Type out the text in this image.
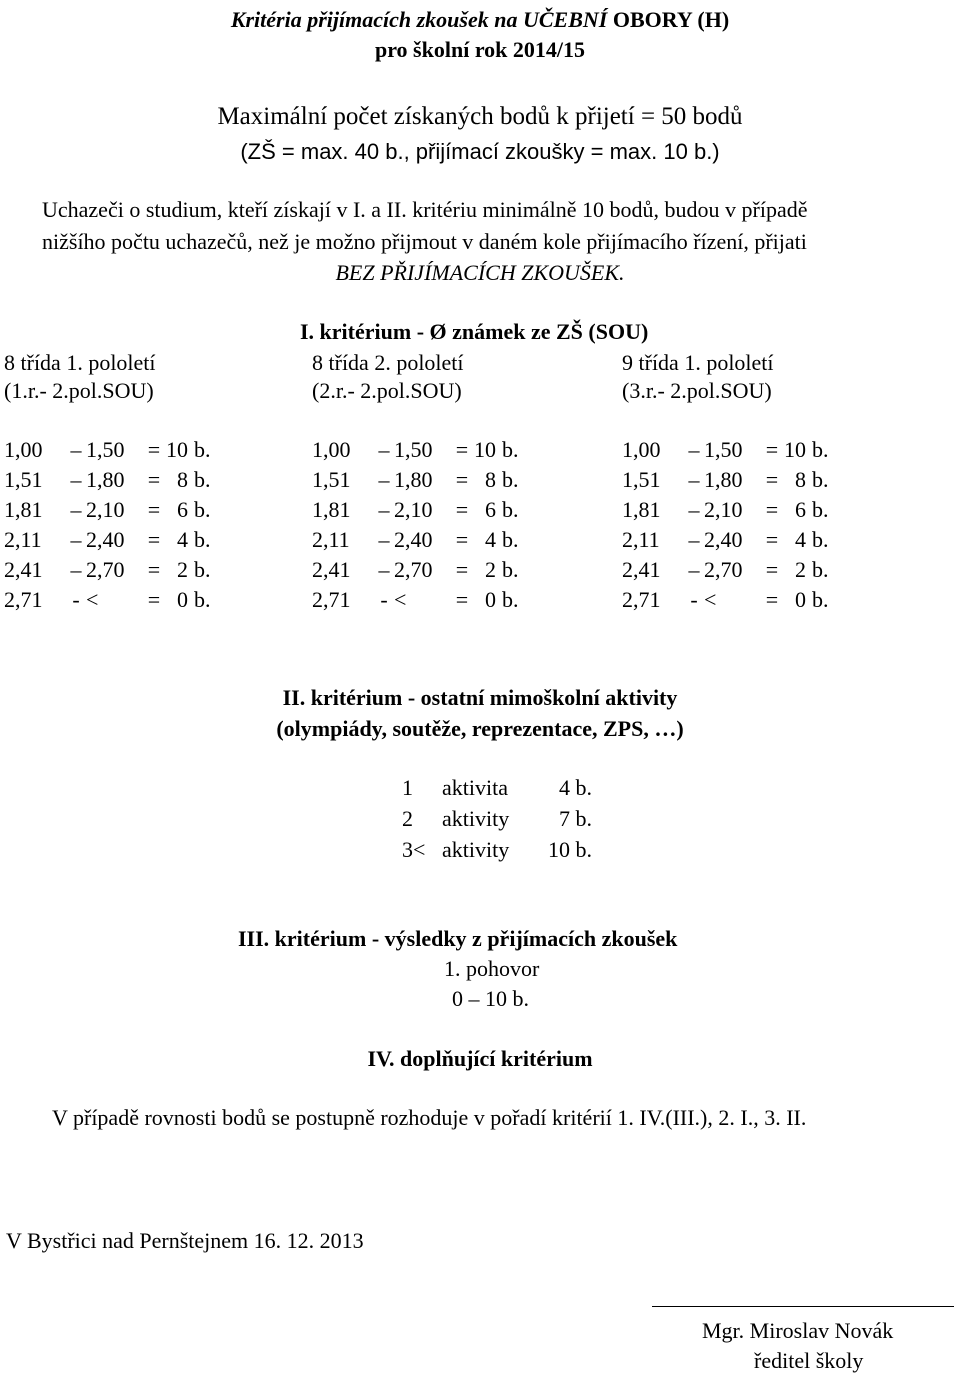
Kritéria přijímacích zkoušek na UČEBNÍ OBORY (H)
pro školní rok 2014/15
Maximální počet získaných bodů k přijetí = 50 bodů
(ZŠ = max. 40 b., přijímací zkoušky = max. 10 b.)
Uchazeči o studium, kteří získají v I. a II. kritériu minimálně 10 bodů, budou v případě
nižšího počtu uchazečů, než je možno přijmout v daném kole přijímacího řízení, přijati
BEZ PŘIJÍMACÍCH ZKOUŠEK.
I. kritérium - Ø známek ze ZŠ (SOU)
8 třída 1. pololetí
(1.r.- 2.pol.SOU)
1,00	– 1,50	= 10 b.
1,51	– 1,80	= 8 b.
1,81	– 2,10	= 6 b.
2,11	– 2,40	= 4 b.
2,41	– 2,70	= 2 b.
2,71	- <	= 0 b.
8 třída 2. pololetí
(2.r.- 2.pol.SOU)
1,00	– 1,50	= 10 b.
1,51	– 1,80	= 8 b.
1,81	– 2,10	= 6 b.
2,11	– 2,40	= 4 b.
2,41	– 2,70	= 2 b.
2,71	- <	= 0 b.
9 třída 1. pololetí
(3.r.- 2.pol.SOU)
1,00	– 1,50	= 10 b.
1,51	– 1,80	= 8 b.
1,81	– 2,10	= 6 b.
2,11	– 2,40	= 4 b.
2,41	– 2,70	= 2 b.
2,71	- <	= 0 b.
II. kritérium - ostatní mimoškolní aktivity
(olympiády, soutěže, reprezentace, ZPS, …)
1	aktivita	4 b.
2	aktivity	7 b.
3< aktivity	10 b.
III. kritérium - výsledky z přijímacích zkoušek
1. pohovor
0 – 10 b.
IV. doplňující kritérium
V případě rovnosti bodů se postupně rozhoduje v pořadí kritérií 1. IV.(III.), 2. I., 3. II.
V Bystřici nad Pernštejnem 16. 12. 2013
Mgr. Miroslav Novák
ředitel školy
